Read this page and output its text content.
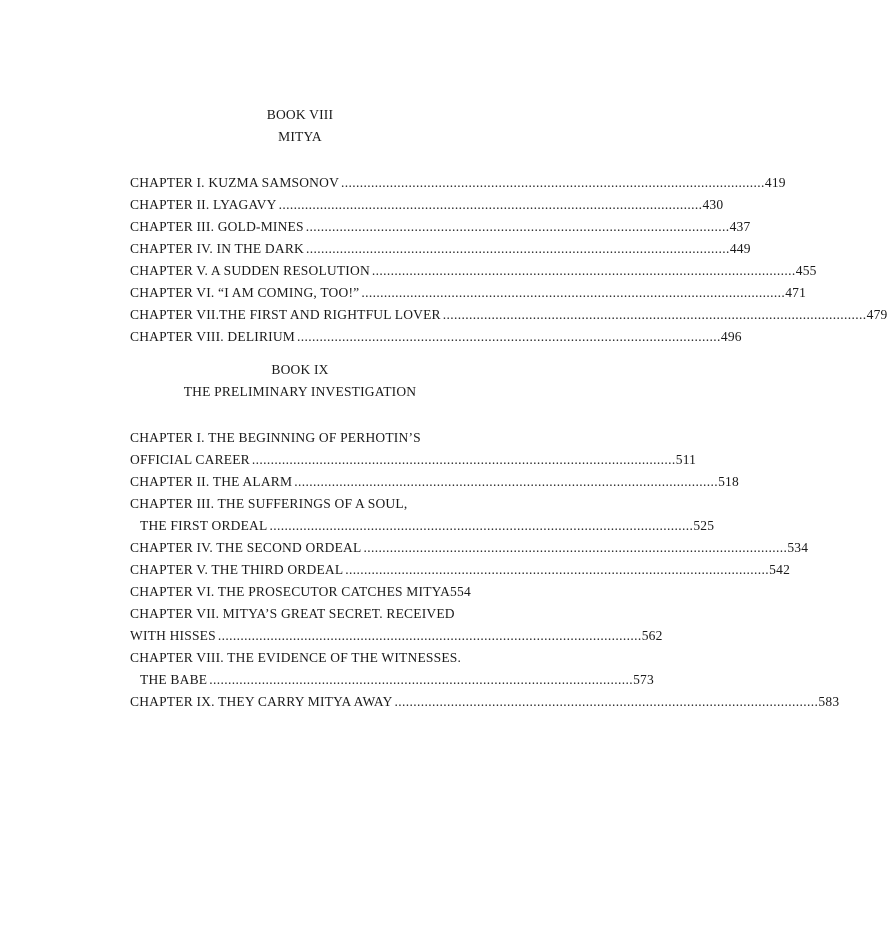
BOOK VIII
MITYA
CHAPTER I. KUZMA SAMSONOV . . .	419
CHAPTER II. LYAGAVY . . .	430
CHAPTER III. GOLD-MINES . . .	437
CHAPTER IV. IN THE DARK . . .	449
CHAPTER V. A SUDDEN RESOLUTION . . .	455
CHAPTER VI. “I AM COMING, TOO!” . . .	471
CHAPTER VII.THE FIRST AND RIGHTFUL LOVER . . .	479
CHAPTER VIII. DELIRIUM . . .	496
BOOK IX
THE PRELIMINARY INVESTIGATION
CHAPTER I. THE BEGINNING OF PERHOTIN’S
OFFICIAL CAREER . . .	511
CHAPTER II. THE ALARM . . .	518
CHAPTER III. THE SUFFERINGS OF A SOUL,
THE FIRST ORDEAL . . .	525
CHAPTER IV. THE SECOND ORDEAL . . .	534
CHAPTER V. THE THIRD ORDEAL . . .	542
CHAPTER VI. THE PROSECUTOR CATCHES MITYA 554
CHAPTER VII. MITYA’S GREAT SECRET. RECEIVED
WITH HISSES . . .	562
CHAPTER VIII. THE EVIDENCE OF THE WITNESSES.
THE BABE . . .	573
CHAPTER IX. THEY CARRY MITYA AWAY . . .	583
